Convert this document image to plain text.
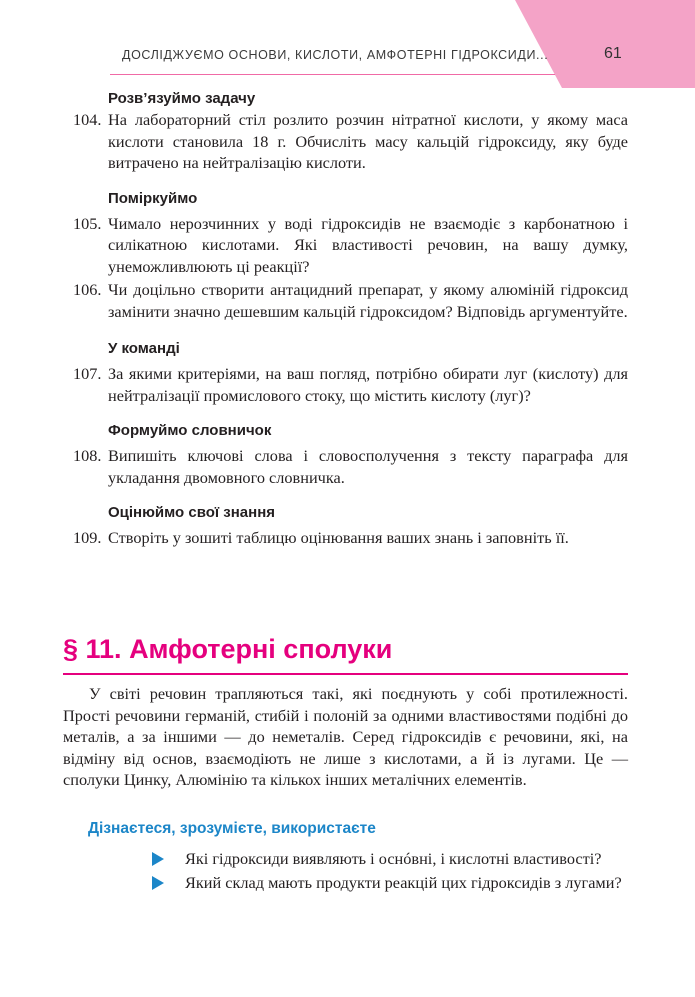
ДОСЛІДЖУЄМО ОСНОВИ, КИСЛОТИ, АМФОТЕРНІ ГІДРОКСИДИ...	61
Розв’язуймо задачу
104. На лабораторний стіл розлито розчин нітратної кислоти, у якому маса кислоти становила 18 г. Обчисліть масу кальцій гідроксиду, яку буде витрачено на нейтралізацію кислоти.
Поміркуймо
105. Чимало нерозчинних у воді гідроксидів не взаємодіє з карбонатною і силікатною кислотами. Які властивості речовин, на вашу думку, унеможливлюють ці реакції?
106. Чи доцільно створити антацидний препарат, у якому алюміній гідроксид замінити значно дешевшим кальцій гідроксидом? Відповідь аргументуйте.
У команді
107. За якими критеріями, на ваш погляд, потрібно обирати луг (кислоту) для нейтралізації промислового стоку, що містить кислоту (луг)?
Формуймо словничок
108. Випишіть ключові слова і словосполучення з тексту параграфа для укладання двомовного словничка.
Оцінюймо свої знання
109. Створіть у зошиті таблицю оцінювання ваших знань і заповніть її.
§ 11. Амфотерні сполуки
У світі речовин трапляються такі, які поєднують у собі протилежності. Прості речовини германій, стибій і полоній за одними властивостями подібні до металів, а за іншими — до неметалів. Серед гідроксидів є речовини, які, на відміну від основ, взаємодіють не лише з кислотами, а й із лугами. Це — сполуки Цинку, Алюмінію та кількох інших металічних елементів.
Дізнаєтеся, зрозумієте, використаєте
Які гідроксиди виявляють і оснóвні, і кислотні властивості?
Який склад мають продукти реакцій цих гідроксидів з лугами?
